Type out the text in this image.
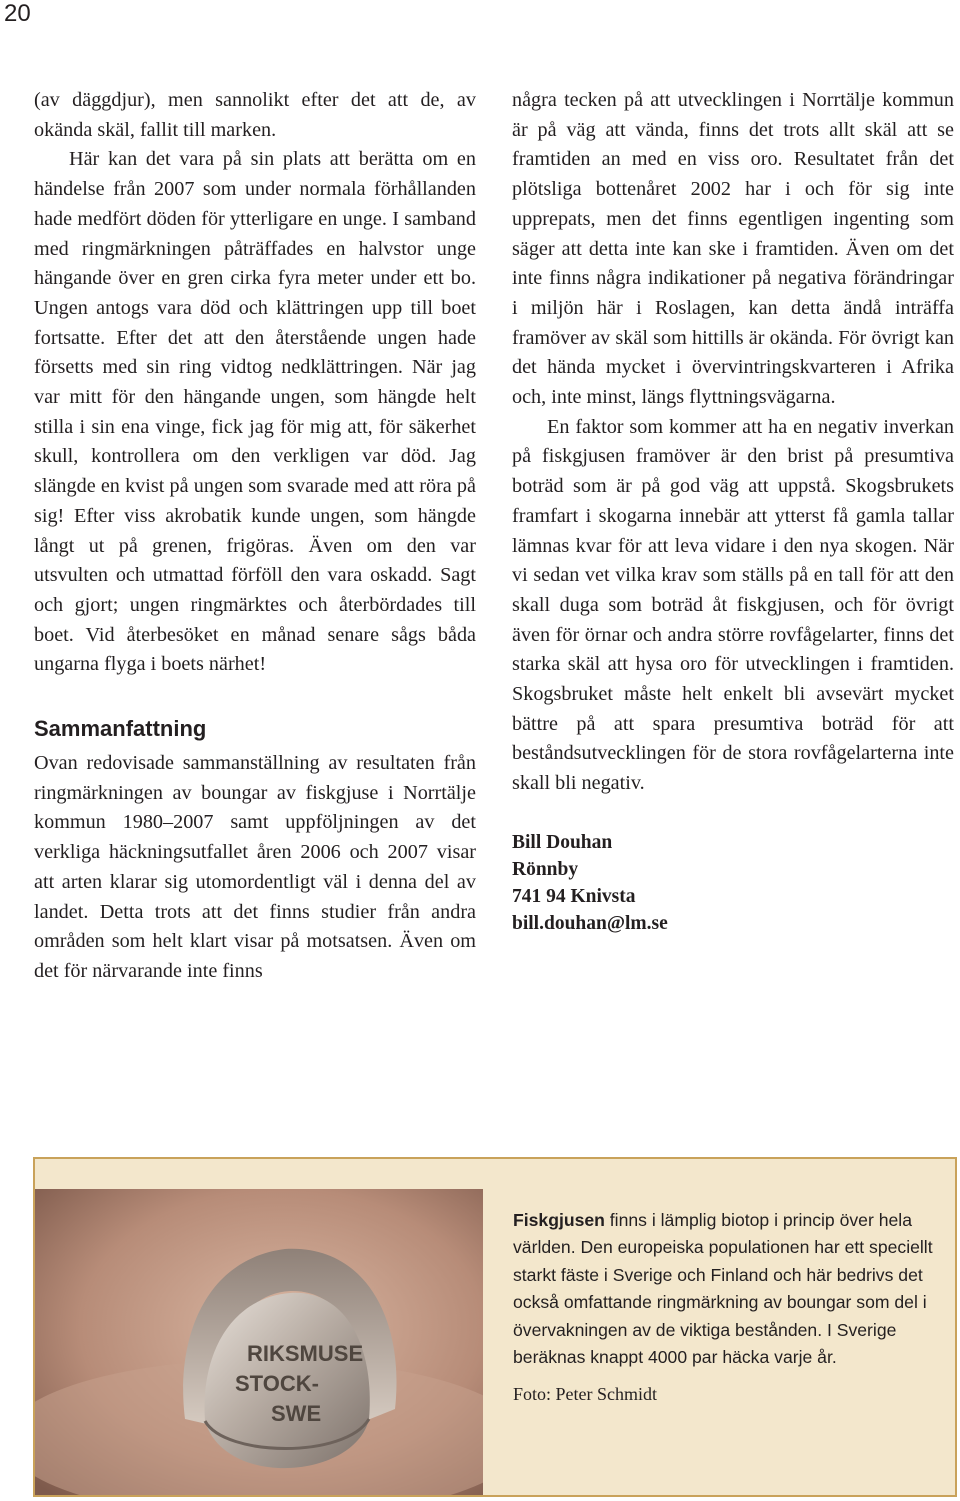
20

(av däggdjur), men sannolikt efter det att de, av okända skäl, fallit till marken.

Här kan det vara på sin plats att berätta om en händelse från 2007 som under normala förhållanden hade medfört döden för ytterligare en unge. I samband med ringmärkningen påträffades en halvstor unge hängande över en gren cirka fyra meter under ett bo. Ungen antogs vara död och klättringen upp till boet fortsatte. Efter det att den återstående ungen hade försetts med sin ring vidtog nedklättringen. När jag var mitt för den hängande ungen, som hängde helt stilla i sin ena vinge, fick jag för mig att, för säkerhet skull, kontrollera om den verkligen var död. Jag slängde en kvist på ungen som svarade med att röra på sig! Efter viss akrobatik kunde ungen, som hängde långt ut på grenen, frigöras. Även om den var utsvulten och utmattad förföll den vara oskadd. Sagt och gjort; ungen ringmärktes och återbördades till boet. Vid återbesöket en månad senare sågs båda ungarna flyga i boets närhet!

Sammanfattning

Ovan redovisade sammanställning av resultaten från ringmärkningen av boungar av fiskgjuse i Norrtälje kommun 1980–2007 samt uppföljningen av det verkliga häckningsutfallet åren 2006 och 2007 visar att arten klarar sig utomordentligt väl i denna del av landet. Detta trots att det finns studier från andra områden som helt klart visar på motsatsen. Även om det för närvarande inte finns

några tecken på att utvecklingen i Norrtälje kommun är på väg att vända, finns det trots allt skäl att se framtiden an med en viss oro. Resultatet från det plötsliga bottenåret 2002 har i och för sig inte upprepats, men det finns egentligen ingenting som säger att detta inte kan ske i framtiden. Även om det inte finns några indikationer på negativa förändringar i miljön här i Roslagen, kan detta ändå inträffa framöver av skäl som hittills är okända. För övrigt kan det hända mycket i övervintringskvarteren i Afrika och, inte minst, längs flyttningsvägarna.

En faktor som kommer att ha en negativ inverkan på fiskgjusen framöver är den brist på presumtiva boträd som är på god väg att uppstå. Skogsbrukets framfart i skogarna innebär att ytterst få gamla tallar lämnas kvar för att leva vidare i den nya skogen. När vi sedan vet vilka krav som ställs på en tall för att den skall duga som boträd åt fiskgjusen, och för övrigt även för örnar och andra större rovfågelarter, finns det starka skäl att hysa oro för utvecklingen i framtiden. Skogsbruket måste helt enkelt bli avsevärt mycket bättre på att spara presumtiva boträd för att beståndsutvecklingen för de stora rovfågelarterna inte skall bli negativ.

Bill Douhan
Rönnby
741 94 Knivsta
bill.douhan@lm.se
RIKSMUSE
STOCK-
SWE
Fiskgjusen finns i lämplig biotop i princip över hela världen. Den europeiska populationen har ett speciellt starkt fäste i Sverige och Finland och här bedrivs det också omfattande ringmärkning av boungar som del i övervakningen av de viktiga bestånden. I Sverige beräknas knappt 4000 par häcka varje år.
Foto: Peter Schmidt
